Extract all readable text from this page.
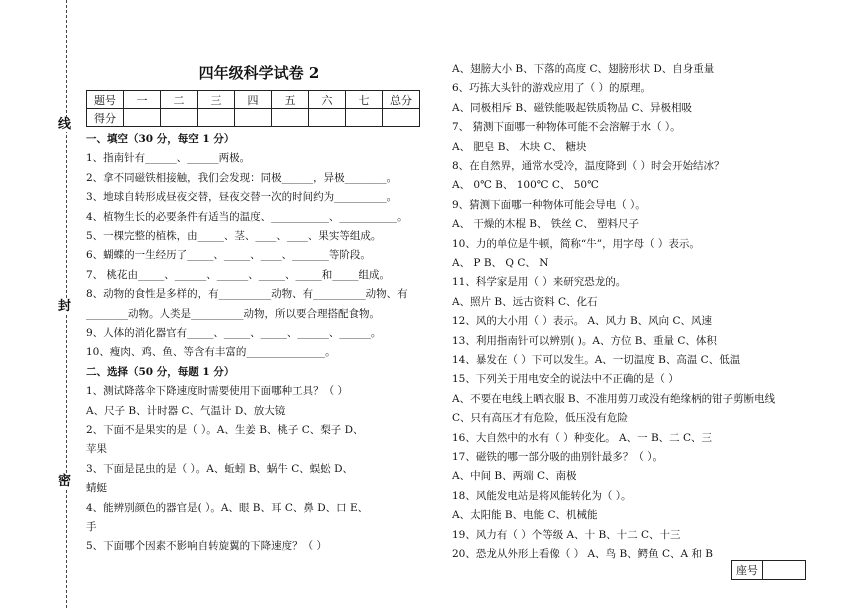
线
封
密
四年级科学试卷 2
题号	一	二	三	四	五	六	七	总分
得分								
一、填空（30 分，每空 1 分）
1、指南针有______、______两极。
2、拿不同磁铁相接触，我们会发现：同极______，异极________。
3、地球自转形成昼夜交替，昼夜交替一次的时间约为__________。
4、植物生长的必要条件有适当的温度、___________、___________。
5、一棵完整的植株，由_____、茎、____、____、果实等组成。
6、蝴蝶的一生经历了_____、_____、____、_______等阶段。
7、 桃花由_____、______、______、_____、_____和_____组成。
8、动物的食性是多样的，有__________动物、有__________动物、有
________动物。人类是__________动物，所以要合理搭配食物。
9、人体的消化器官有_____、_____、_____、______、______。
10、瘦肉、鸡、鱼、等含有丰富的_______________。
二、选择（50 分，每题 1 分）
1、测试降落伞下降速度时需要使用下面哪种工具？（ ）
A、尺子 B、计时器 C、气温计 D、放大镜
2、下面不是果实的是（ ）。A、生姜 B、桃子 C、梨子 D、
苹果
3、下面是昆虫的是（ ）。A、蚯蚓 B、蜗牛 C、蜈蚣 D、
蜻蜓
4、能辨别颜色的器官是( ）。A、眼 B、耳 C、鼻 D、口 E、
手
5、下面哪个因素不影响自转旋翼的下降速度？（ ）
A、翅膀大小 B、下落的高度 C、翅膀形状 D、自身重量
6、巧拣大头针的游戏应用了（ ）的原理。
A、同极相斥 B、磁铁能吸起铁质物品 C、异极相吸
7、 猜测下面哪一种物体可能不会溶解于水（ ）。
A、 肥皂 B、 木块 C、 糖块
8、在自然界，通常水受冷，温度降到（ ）时会开始结冰？
A、 0℃ B、 100℃ C、 50℃
9、猜测下面哪一种物体可能会导电（ ）。
A、 干燥的木棍 B、 铁丝 C、 塑料尺子
10、力的单位是牛顿，简称“牛”，用字母（ ）表示。
A、 P B、 Q C、 N
11、科学家是用（ ）来研究恐龙的。
A、照片 B、远古资料 C、化石
12、风的大小用（ ）表示。 A、风力 B、风向 C、风速
13、利用指南针可以辨别( )。A、方位 B、重量 C、体积
14、暴发在（ ）下可以发生。A、一切温度 B、高温 C、低温
15、下列关于用电安全的说法中不正确的是（ ）
A、不要在电线上晒衣服 B、不准用剪刀或没有绝缘柄的钳子剪断电线
C、只有高压才有危险，低压没有危险
16、大自然中的水有（ ）种变化。 A、一 B、二 C、三
17、磁铁的哪一部分吸的曲别针最多？（ ）。
A、中间 B、两端 C、南极
18、风能发电站是将风能转化为（ ）。
A、太阳能 B、电能 C、机械能
19、风力有（ ）个等级 A、十 B、十二 C、十三
20、恐龙从外形上看像（ ） A、鸟 B、鳄鱼 C、A 和 B
座号	
